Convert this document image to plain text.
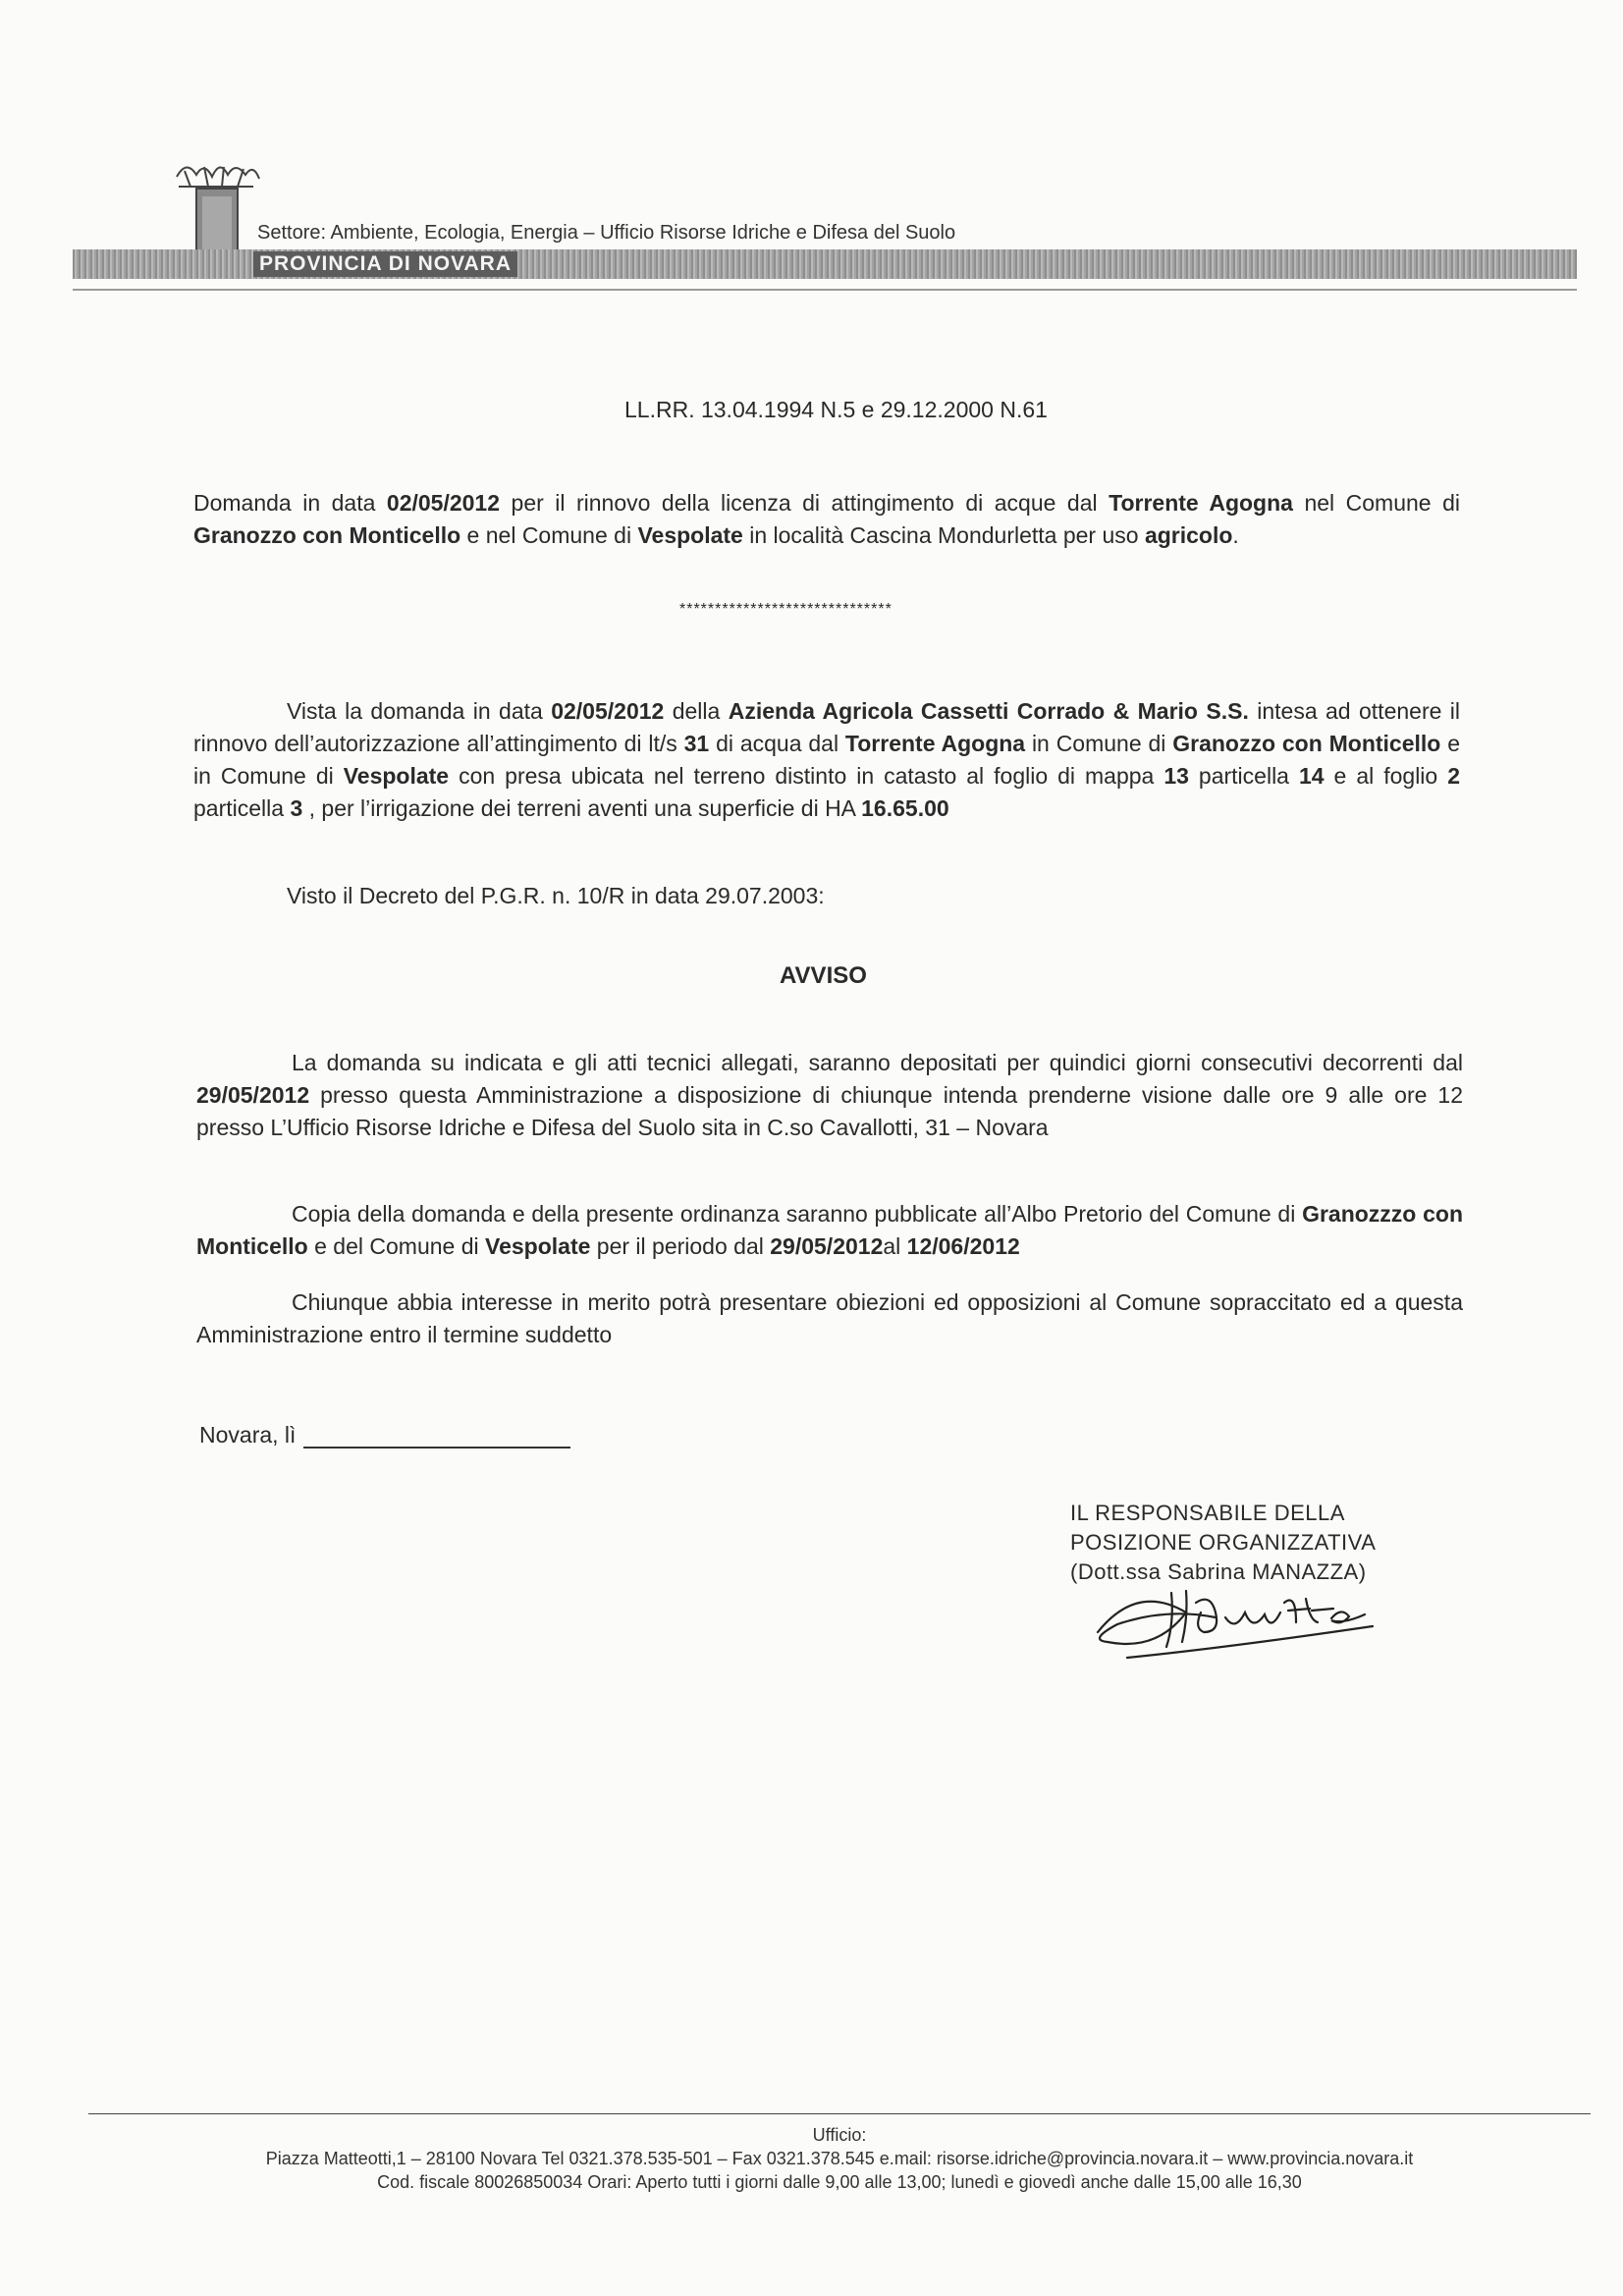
Settore: Ambiente, Ecologia, Energia – Ufficio Risorse Idriche e Difesa del Suolo
PROVINCIA DI NOVARA
LL.RR. 13.04.1994 N.5 e 29.12.2000 N.61
Domanda in data 02/05/2012 per il rinnovo della licenza di attingimento di acque dal Torrente Agogna nel Comune di Granozzo con Monticello e nel Comune di Vespolate in località Cascina Mondurletta per uso agricolo.
******************************
Vista la domanda in data 02/05/2012 della Azienda Agricola Cassetti Corrado & Mario S.S. intesa ad ottenere il rinnovo dell’autorizzazione all’attingimento di lt/s 31 di acqua dal Torrente Agogna in Comune di Granozzo con Monticello e in Comune di Vespolate con presa ubicata nel terreno distinto in catasto al foglio di mappa 13 particella 14 e al foglio 2 particella 3 , per l’irrigazione dei terreni aventi una superficie di HA 16.65.00
Visto il Decreto del P.G.R. n. 10/R in data 29.07.2003:
AVVISO
La domanda su indicata e gli atti tecnici allegati, saranno depositati per quindici giorni consecutivi decorrenti dal 29/05/2012 presso questa Amministrazione a disposizione di chiunque intenda prenderne visione dalle ore 9 alle ore 12 presso L’Ufficio Risorse Idriche e Difesa del Suolo sita in C.so Cavallotti, 31 – Novara
Copia della domanda e della presente ordinanza saranno pubblicate all’Albo Pretorio del Comune di Granozzzo con Monticello e del Comune di Vespolate per il periodo dal 29/05/2012al 12/06/2012
Chiunque abbia interesse in merito potrà presentare obiezioni ed opposizioni al Comune sopraccitato ed a questa Amministrazione entro il termine suddetto
Novara, lì
IL RESPONSABILE DELLA
POSIZIONE ORGANIZZATIVA
(Dott.ssa Sabrina MANAZZA)
Ufficio:
Piazza Matteotti,1 – 28100 Novara Tel 0321.378.535-501 – Fax 0321.378.545 e.mail: risorse.idriche@provincia.novara.it – www.provincia.novara.it
Cod. fiscale 80026850034 Orari: Aperto tutti i giorni dalle 9,00 alle 13,00; lunedì e giovedì anche dalle 15,00 alle 16,30
